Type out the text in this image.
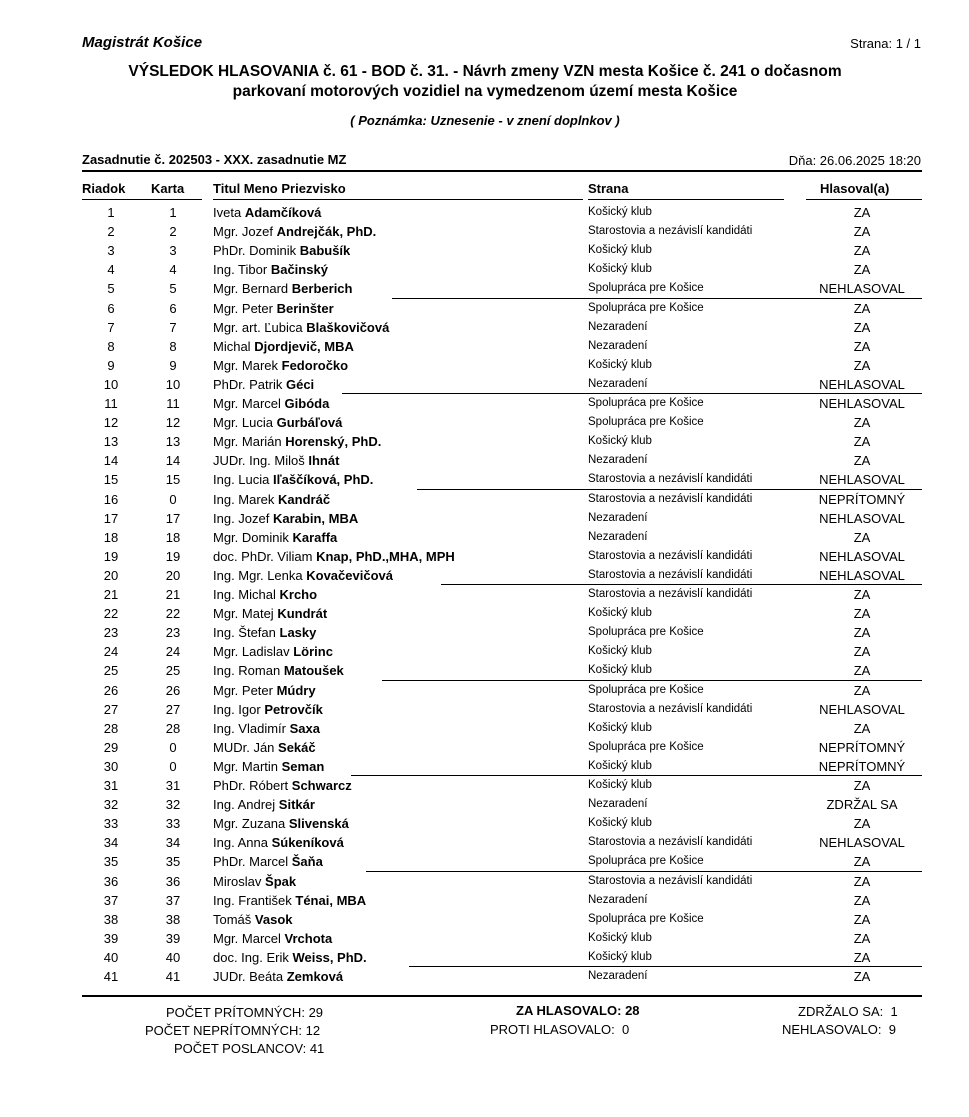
Magistrát Košice	Strana: 1 / 1
VÝSLEDOK HLASOVANIA č. 61 - BOD č. 31. - Návrh zmeny VZN mesta Košice č. 241 o dočasnom
parkovaní motorových vozidiel na vymedzenom území mesta Košice
( Poznámka: Uznesenie - v znení doplnkov )
Zasadnutie č. 202503 - XXX. zasadnutie MZ	Dňa: 26.06.2025 18:20
Riadok Karta Titul Meno Priezvisko	Strana	Hlasoval(a)
1	1	Iveta Adamčíková	Košický klub	ZA
2	2	Mgr. Jozef Andrejčák, PhD.	Starostovia a nezávislí kandidáti	ZA
3	3	PhDr. Dominik Babušík	Košický klub	ZA
4	4	Ing. Tibor Bačinský	Košický klub	ZA
5	5	Mgr. Bernard Berberich	Spolupráca pre Košice	NEHLASOVAL
6	6	Mgr. Peter Berinšter	Spolupráca pre Košice	ZA
7	7	Mgr. art. Ľubica Blaškovičová	Nezaradení	ZA
8	8	Michal Djordjevič, MBA	Nezaradení	ZA
9	9	Mgr. Marek Fedoročko	Košický klub	ZA
10	10	PhDr. Patrik Géci	Nezaradení	NEHLASOVAL
11	11	Mgr. Marcel Gibóda	Spolupráca pre Košice	NEHLASOVAL
12	12	Mgr. Lucia Gurbáľová	Spolupráca pre Košice	ZA
13	13	Mgr. Marián Horenský, PhD.	Košický klub	ZA
14	14	JUDr. Ing. Miloš Ihnát	Nezaradení	ZA
15	15	Ing. Lucia Iľaščíková, PhD.	Starostovia a nezávislí kandidáti	NEHLASOVAL
16	0	Ing. Marek Kandráč	Starostovia a nezávislí kandidáti	NEPRÍTOMNÝ
17	17	Ing. Jozef Karabin, MBA	Nezaradení	NEHLASOVAL
18	18	Mgr. Dominik Karaffa	Nezaradení	ZA
19	19	doc. PhDr. Viliam Knap, PhD.,MHA, MPH	Starostovia a nezávislí kandidáti	NEHLASOVAL
20	20	Ing. Mgr. Lenka Kovačevičová	Starostovia a nezávislí kandidáti	NEHLASOVAL
21	21	Ing. Michal Krcho	Starostovia a nezávislí kandidáti	ZA
22	22	Mgr. Matej Kundrát	Košický klub	ZA
23	23	Ing. Štefan Lasky	Spolupráca pre Košice	ZA
24	24	Mgr. Ladislav Lörinc	Košický klub	ZA
25	25	Ing. Roman Matoušek	Košický klub	ZA
26	26	Mgr. Peter Múdry	Spolupráca pre Košice	ZA
27	27	Ing. Igor Petrovčík	Starostovia a nezávislí kandidáti	NEHLASOVAL
28	28	Ing. Vladimír Saxa	Košický klub	ZA
29	0	MUDr. Ján Sekáč	Spolupráca pre Košice	NEPRÍTOMNÝ
30	0	Mgr. Martin Seman	Košický klub	NEPRÍTOMNÝ
31	31	PhDr. Róbert Schwarcz	Košický klub	ZA
32	32	Ing. Andrej Sitkár	Nezaradení	ZDRŽAL SA
33	33	Mgr. Zuzana Slivenská	Košický klub	ZA
34	34	Ing. Anna Súkeníková	Starostovia a nezávislí kandidáti	NEHLASOVAL
35	35	PhDr. Marcel Šaňa	Spolupráca pre Košice	ZA
36	36	Miroslav Špak	Starostovia a nezávislí kandidáti	ZA
37	37	Ing. František Ténai, MBA	Nezaradení	ZA
38	38	Tomáš Vasok	Spolupráca pre Košice	ZA
39	39	Mgr. Marcel Vrchota	Košický klub	ZA
40	40	doc. Ing. Erik Weiss, PhD.	Košický klub	ZA
41	41	JUDr. Beáta Zemková	Nezaradení	ZA
POČET PRÍTOMNÝCH: 29
POČET NEPRÍTOMNÝCH: 12
POČET POSLANCOV: 41
ZA HLASOVALO: 28
PROTI HLASOVALO: 0
ZDRŽALO SA: 1
NEHLASOVALO: 9
